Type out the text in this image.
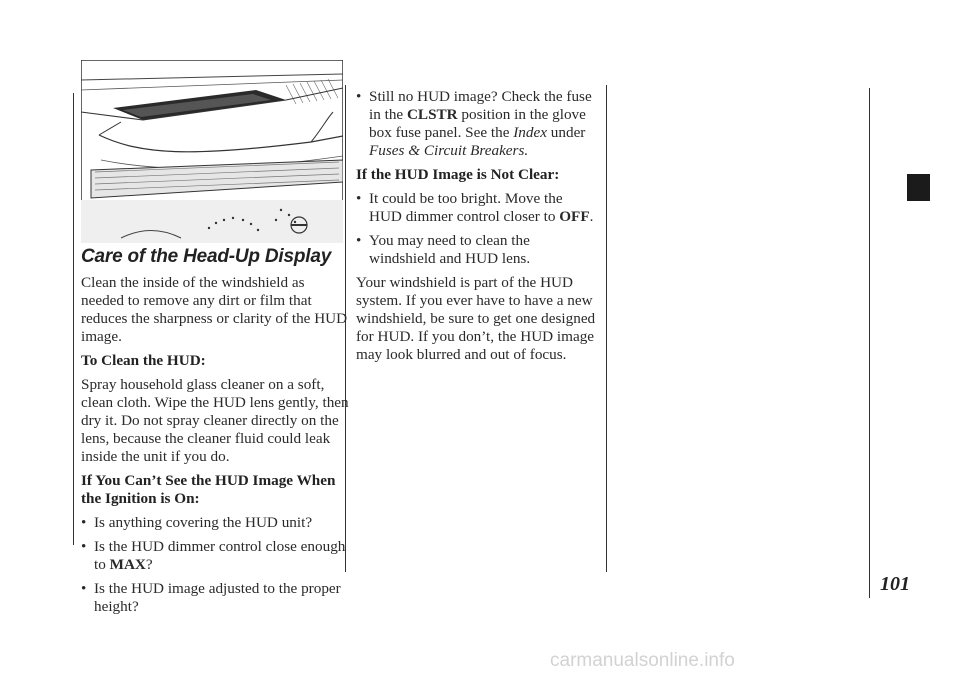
Care of the Head-Up Display

Clean the inside of the windshield as needed to remove any dirt or film that reduces the sharpness or clarity of the HUD image.

To Clean the HUD:

Spray household glass cleaner on a soft, clean cloth. Wipe the HUD lens gently, then dry it. Do not spray cleaner directly on the lens, because the cleaner fluid could leak inside the unit if you do.

If You Can’t See the HUD Image When the Ignition is On:
• Is anything covering the HUD unit?
• Is the HUD dimmer control close enough to MAX?
• Is the HUD image adjusted to the proper height?
• Still no HUD image? Check the fuse in the CLSTR position in the glove box fuse panel. See the Index under Fuses & Circuit Breakers.
If the HUD Image is Not Clear:
• It could be too bright. Move the HUD dimmer control closer to OFF.
• You may need to clean the windshield and HUD lens.

Your windshield is part of the HUD system. If you ever have to have a new windshield, be sure to get one designed for HUD. If you don’t, the HUD image may look blurred and out of focus.

101
carmanualsonline.info
